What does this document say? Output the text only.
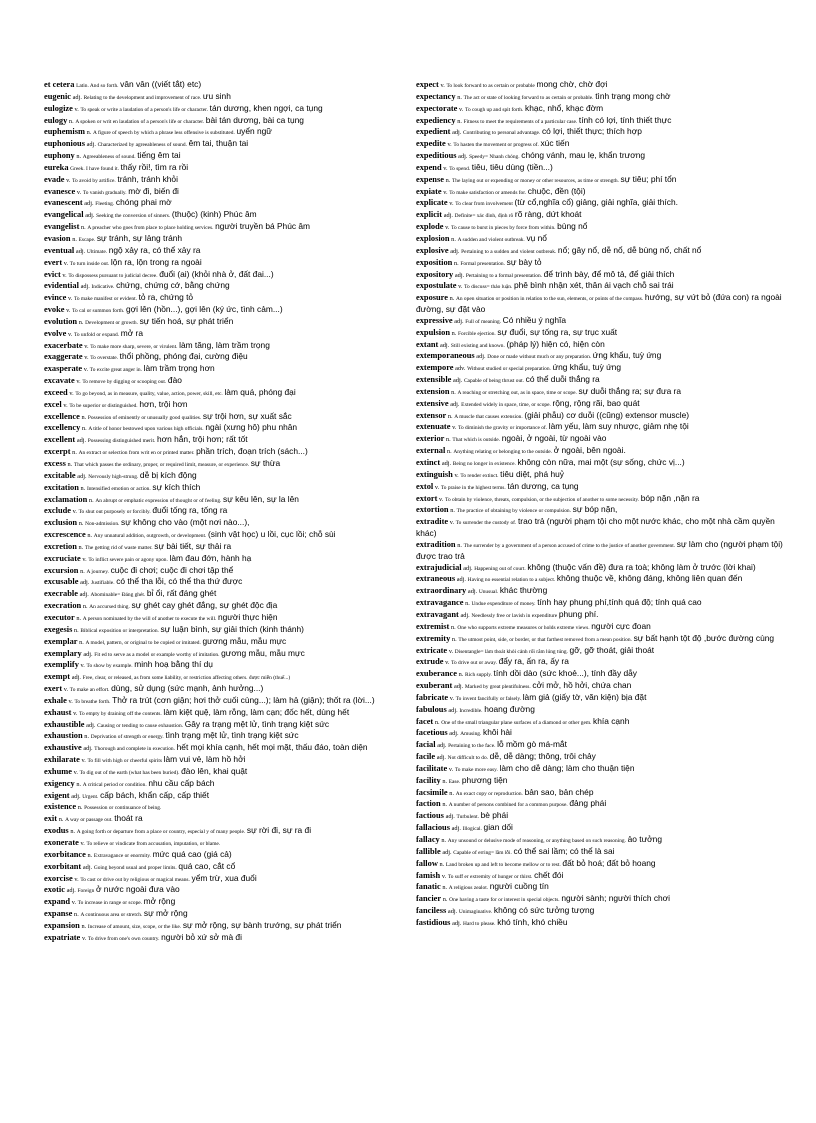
et cetera Latin. And so forth. vân vân ((viết tắt) etc)
eugenic adj. Relating to the development and improvement of race. ưu sinh
eulogize v. To speak or write a laudation of a person's life or character. tán dương, khen ngợi, ca tụng
eulogy n. A spoken or writ en laudation of a person's life or character. bài tán dương, bài ca tụng
euphemism n. A figure of speech by which a phrase less offensive is substituted. uyển ngữ
euphonious adj. Characterized by agreeableness of sound. êm tai, thuận tai
euphony n. Agreeableness of sound. tiếng êm tai
eureka Greek. I have found it. thấy rồi!, tìm ra rồi
evade v. To avoid by artifice. tránh, tránh khỏi
evanesce v. To vanish gradually. mờ đi, biến đi
evanescent adj. Fleeting. chóng phai mờ
evangelical adj. Seeking the conversion of sinners. (thuộc) (kinh) Phúc âm
evangelist n. A preacher who goes from place to place holding services. người truyền bá Phúc âm
evasion n. Escape. sự tránh, sự lảng tránh
eventual adj. Ultimate. ngộ xảy ra, có thể xảy ra
evert v. To turn inside out. lộn ra, lộn trong ra ngoài
evict v. To dispossess pursuant to judicial decree. đuổi (ai) (khỏi nhà ở, đất đai...)
evidential adj. Indicative. chứng, chứng cớ, bằng chứng
evince v. To make manifest or evident. tỏ ra, chứng tỏ
evoke v. To cal or summon forth. gợi lên (hồn...), gợi lên (ký ức, tình cảm...)
evolution n. Development or growth. sự tiến hoá, sự phát triển
evolve v. To unfold or expand. mở ra
exacerbate v. To make more sharp, severe, or virulent. làm tăng, làm trầm trọng
exaggerate v. To overstate. thổi phồng, phóng đại, cường điệu
exasperate v. To excite great anger in. làm trầm trọng hơn
excavate v. To remove by digging or scooping out. đào
exceed v. To go beyond, as in measure, quality, value, action, power, skill, etc. làm quá, phóng đại
excel v. To be superior or distinguished. hơn, trội hơn
excellence n. Possession of eminently or unusually good qualities. sự trội hơn, sự xuất sắc
excellency n. A title of honor bestowed upon various high officials. ngài (xưng hô) phu nhân
excellent adj. Possessing distinguished merit. hơn hẳn, trội hơn; rất tốt
excerpt n. An extract or selection from writ en or printed matter. phần trích, đoạn trích (sách...)
excess n. That which passes the ordinary, proper, or required limit, measure, or experience. sự thừa
excitable adj. Nervously high-strung. dễ bị kích động
excitation n. Intensified emotion or action. sự kích thích
exclamation n. An abrupt or emphatic expression of thought or of feeling. sự kêu lên, sự la lên
exclude v. To shut out purposely or forcibly. đuổi tống ra, tống ra
exclusion n. Non-admission. sự không cho vào (một nơi nào...),
excrescence n. Any unnatural addition, outgrowth, or development. (sinh vật học) u lồi, cục lồi; chỗ sùi
excretion n. The getting rid of waste matter. sự bài tiết, sự thải ra
excruciate v. To inflict severe pain or agony upon. làm đau đớn, hành hạ
excursion n. A journey. cuộc đi chơi; cuộc đi chơi tập thể
excusable adj. Justifiable. có thể tha lỗi, có thể tha thứ được
execrable adj. Abominable= Đáng ghét. bỉ ổi, rất đáng ghét
execration n. An accursed thing. sự ghét cay ghét đắng, sự ghét độc địa
executor n. A person nominated by the will of another to execute the will. người thực hiện
exegesis n. Biblical exposition or interpretation. sự luận bình, sự giải thích (kinh thánh)
exemplar n. A model, pattern, or original to be copied or imitated. gương mẫu, mẫu mực
exemplary adj. Fit ed to serve as a model or example worthy of imitation. gương mẫu, mẫu mực
exemplify v. To show by example. minh hoạ bằng thí dụ
exempt adj. Free, clear, or released, as from some liability, or restriction affecting others. được miễn (thuế...)
exert v. To make an effort. dùng, sử dụng (sức mạnh, ảnh hưởng...)
exhale v. To breathe forth. Thở ra trút (cơn giận; hơi thở cuối cùng...); làm hả (giận); thốt ra (lời...)
exhaust v. To empty by draining off the contents. làm kiệt quệ, làm rỗng, làm cạn; đốc hết, dùng hết
exhaustible adj. Causing or tending to cause exhaustion. Gây ra trạng mệt lử, tình trạng kiệt sức
exhaustion n. Deprivation of strength or energy. tình trạng mệt lử, tình trạng kiệt sức
exhaustive adj. Thorough and complete in execution. hết mọi khía cạnh, hết mọi mặt, thấu đáo, toàn diện
exhilarate v. To fill with high or cheerful spirits làm vui vẻ, làm hồ hởi
exhume v. To dig out of the earth (what has been buried). đào lên, khai quật
exigency n. A critical period or condition. nhu cầu cấp bách
exigent adj. Urgent. cấp bách, khẩn cấp, cấp thiết
existence n. Possession or continuance of being.
exit n. A way or passage out. thoát ra
exodus n. A going forth or departure from a place or country, especial y of many people. sự rời đi, sự ra đi
exonerate v. To relieve or vindicate from accusation, imputation, or blame.
exorbitance n. Extravagance or enormity. mức quá cao (giá cả)
exorbitant adj. Going beyond usual and proper limits. quá cao, cắt cổ
exorcise v. To cast or drive out by religious or magical means. yểm trừ, xua đuổi
exotic adj. Foreign ở nước ngoài đưa vào
expand v. To increase in range or scope. mở rộng
expanse n. A continuous area or stretch. sự mở rộng
expansion n. Increase of amount, size, scope, or the like. sự mở rộng, sự bành trướng, sự phát triển
expatriate v. To drive from one's own country. người bỏ xứ sở mà đi
expect v. To look forward to as certain or probable mong chờ, chờ đợi
expectancy n. The act or state of looking forward to as certain or probable. tình trạng mong chờ
expectorate v. To cough up and spit forth. khạc, nhổ, khạc đờm
expediency n. Fitness to meet the requirements of a particular case. tính có lợi, tính thiết thực
expedient adj. Contributing to personal advantage. có lợi, thiết thực; thích hợp
expedite v. To hasten the movement or progress of. xúc tiến
expeditious adj. Speedy= Nhanh chóng. chóng vánh, mau lẹ, khẩn trương
expend v. To spend. tiêu, tiêu dùng (tiền...)
expense n. The laying out or expending or money or other resources, as time or strength. sự tiêu; phí tổn
expiate v. To make satisfaction or amends for. chuộc, đền (tội)
explicate v. To clear from involvement (từ cổ,nghĩa cổ) giảng, giải nghĩa, giải thích.
explicit adj. Definite= xác đinh, định rõ rõ ràng, dứt khoát
explode v. To cause to burst in pieces by force from within. bùng nổ
explosion n. A sudden and violent outbreak. vụ nổ
explosive adj. Pertaining to a sudden and violent outbreak. nổ; gây nổ, dễ nổ, dễ bùng nổ, chất nổ
exposition n. Formal presentation. sự bày tỏ
expository adj. Pertaining to a formal presentation. để trình bày, để mô tả, để giải thích
expostulate v. To discuss= thảo luận. phê bình nhận xét, thân ái vạch chỗ sai trái
exposure n. An open situation or position in relation to the sun, elements, or points of the compass. hướng, sự vứt bỏ (đứa con) ra ngoài đường, sự đặt vào
expressive adj. Full of meaning. Có nhiều ý nghĩa
expulsion n. Forcible ejection. sự đuổi, sự tống ra, sự trục xuất
extant adj. Still existing and known. (pháp lý) hiện có, hiện còn
extemporaneous adj. Done or made without much or any preparation. ứng khẩu, tuỳ ứng
extempore adv. Without studied or special preparation. ứng khẩu, tuỳ ứng
extensible adj. Capable of being thrust out. có thể duỗi thẳng ra
extension n. A reaching or stretching out, as in space, time or scope. sự duỗi thẳng ra; sự đưa ra
extensive adj. Extended widely in space, time, or scope. rộng, rộng rãi, bao quát
extensor n. A muscle that causes extension. (giải phẫu) cơ duỗi ((cũng) extensor muscle)
extenuate v. To diminish the gravity or importance of. làm yếu, làm suy nhược, giảm nhẹ tội
exterior n. That which is outside. ngoài, ở ngoài, từ ngoài vào
external n. Anything relating or belonging to the outside. ở ngoài, bên ngoài.
extinct adj. Being no longer in existence. không còn nữa, mai một (sự sống, chức vị...)
extinguish v. To render extinct. tiêu diệt, phá huỷ
extol v. To praise in the highest terms. tán dương, ca tụng
extort v. To obtain by violence, threats, compulsion, or the subjection of another to some necessity. bóp nặn ,nặn ra
extortion n. The practice of obtaining by violence or compulsion. sự bóp nặn,
extradite v. To surrender the custody of. trao trả (người phạm tội cho một nước khác, cho một nhà cầm quyền khác)
extradition n. The surrender by a government of a person accused of crime to the justice of another government. sự làm cho (người phạm tội) được trao trả
extrajudicial adj. Happening out of court. không (thuộc vấn đề) đưa ra toà; không làm ở trước (lời khai)
extraneous adj. Having no essential relation to a subject. không thuộc về, không đáng, không liên quan đến
extraordinary adj. Unusual. khác thường
extravagance n. Undue expenditure of money. tính hay phung phí,tính quá độ; tính quá cao
extravagant adj. Needlessly free or lavish in expenditure phung phí.
extremist n. One who supports extreme measures or holds extreme views. người cực đoan
extremity n. The utmost point, side, or border, or that farthest removed from a mean position. sự bất hạnh tột độ ,bước đường cùng
extricate v. Disentangle= làm thoát khỏi cảnh rối rắm lúng túng. gỡ, gỡ thoát, giải thoát
extrude v. To drive out or away. đẩy ra, ấn ra, ấy ra
exuberance n. Rich supply. tính dồi dào (sức khoẻ...), tính đầy dẫy
exuberant adj. Marked by great plentifulness. cởi mở, hồ hởi, chứa chan
fabricate v. To invent fancifully or falsely. làm giả (giấy tờ, văn kiện) bịa đặt
fabulous adj. Incredible. hoang đường
facet n. One of the small triangular plane surfaces of a diamond or other gem. khía cạnh
facetious adj. Amusing. khôi hài
facial adj. Pertaining to the face. lỗ mồm gò má-mắt
facile adj. Not difficult to do. dễ, dễ dàng; thông, trôi chảy
facilitate v. To make more easy. làm cho dễ dàng; làm cho thuận tiện
facility n. Ease. phương tiện
facsimile n. An exact copy or reproduction. bản sao, bản chép
faction n. A number of persons combined for a common purpose. đảng phái
factious adj. Turbulent. bè phái
fallacious adj. Illogical. gian dối
fallacy n. Any unsound or delusive mode of reasoning, or anything based on such reasoning. ảo tưởng
fallible adj. Capable of erring= lầm lỗi. có thể sai lầm; có thể là sai
fallow n. Land broken up and left to become mellow or to rest. đất bỏ hoá; đất bỏ hoang
famish v. To suff er extremity of hunger or thirst. chết đói
fanatic n. A religious zealot. người cuồng tín
fancier n. One having a taste for or interest in special objects. người sành; người thích chơi
fanciless adj. Unimaginative. không có sức tưởng tượng
fastidious adj. Hard to please. khó tính, khó chiều
